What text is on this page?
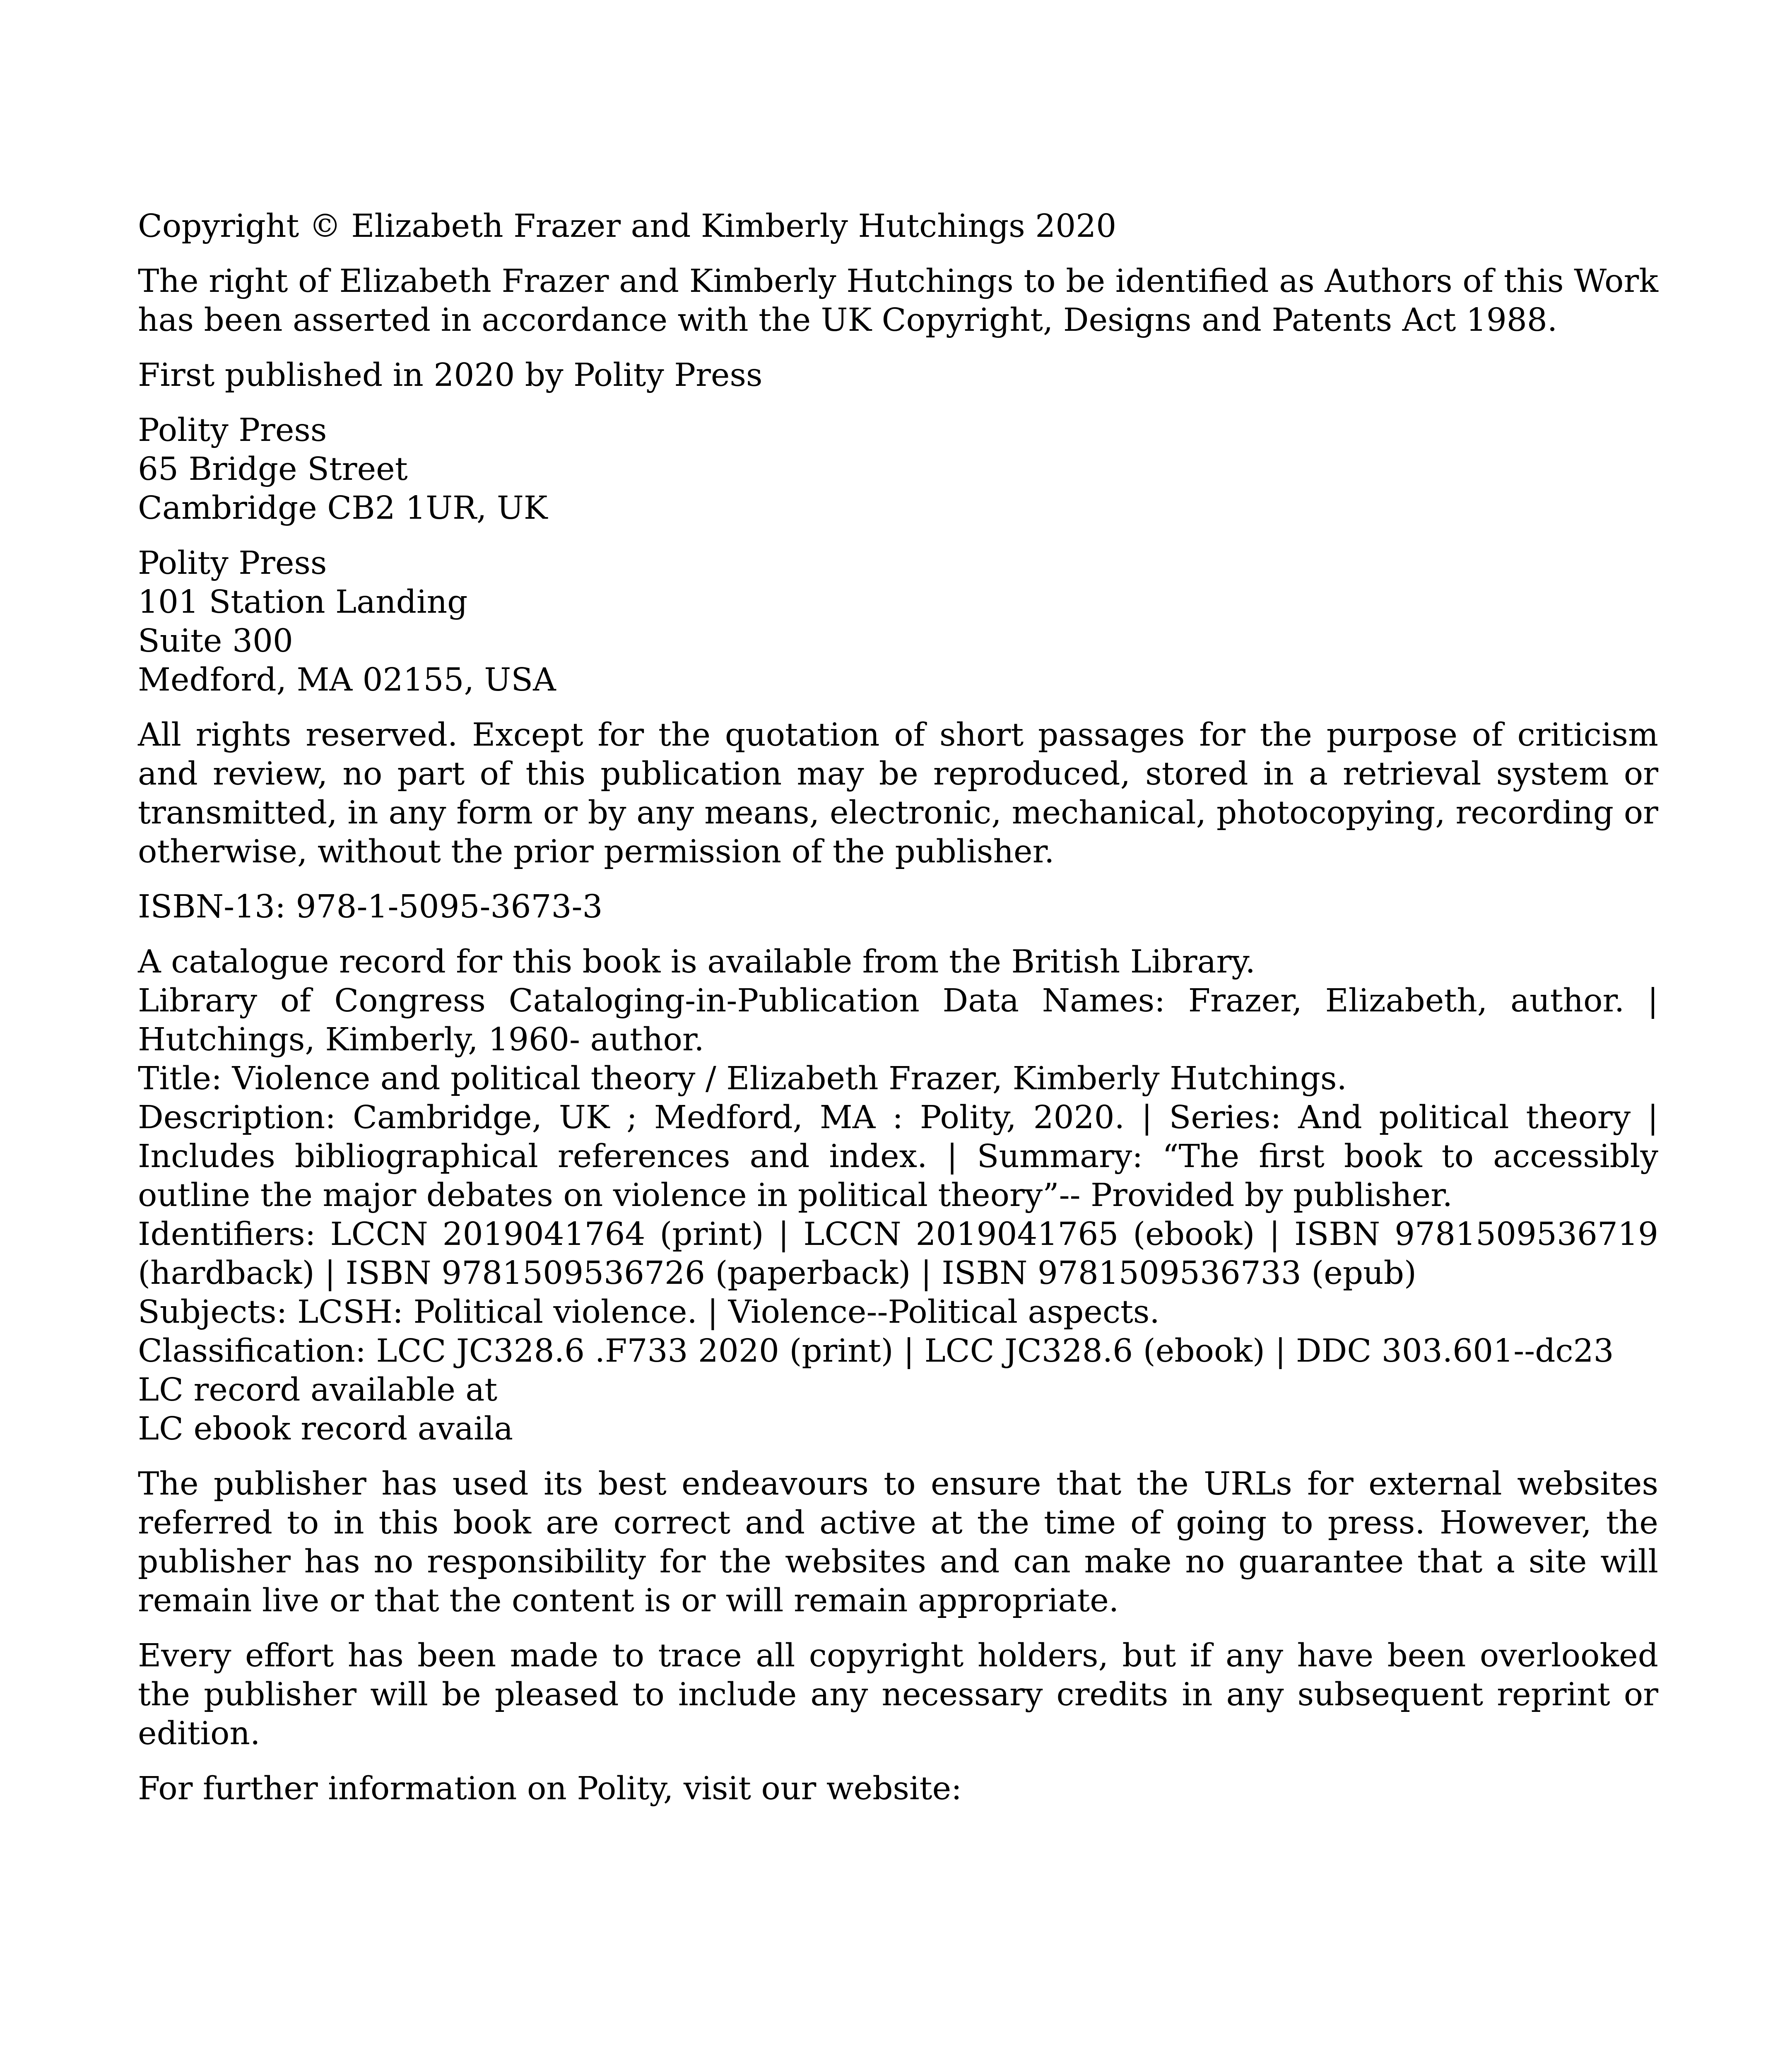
Copyright © Elizabeth Frazer and Kimberly Hutchings 2020

The right of Elizabeth Frazer and Kimberly Hutchings to be identified as Authors of this Work has been asserted in accordance with the UK Copyright, Designs and Patents Act 1988.

First published in 2020 by Polity Press

Polity Press
65 Bridge Street
Cambridge CB2 1UR, UK
Polity Press
101 Station Landing
Suite 300
Medford, MA 02155, USA

All rights reserved. Except for the quotation of short passages for the purpose of criticism and review, no part of this publication may be reproduced, stored in a retrieval system or transmitted, in any form or by any means, electronic, mechanical, photocopying, recording or otherwise, without the prior permission of the publisher.

ISBN-13: 978-1-5095-3673-3

A catalogue record for this book is available from the British Library.
Library of Congress Cataloging-in-Publication Data Names: Frazer, Elizabeth, author. | Hutchings, Kimberly, 1960- author.
Title: Violence and political theory / Elizabeth Frazer, Kimberly Hutchings.
Description: Cambridge, UK ; Medford, MA : Polity, 2020. | Series: And political theory | Includes bibliographical references and index. | Summary: “The first book to accessibly outline the major debates on violence in political theory”-- Provided by publisher.
Identifiers: LCCN 2019041764 (print) | LCCN 2019041765 (ebook) | ISBN 9781509536719 (hardback) | ISBN 9781509536726 (paperback) | ISBN 9781509536733 (epub)
Subjects: LCSH: Political violence. | Violence--Political aspects.
Classification: LCC JC328.6 .F733 2020 (print) | LCC JC328.6 (ebook) | DDC 303.601--dc23
LC record available at
LC ebook record availa

The publisher has used its best endeavours to ensure that the URLs for external websites referred to in this book are correct and active at the time of going to press. However, the publisher has no responsibility for the websites and can make no guarantee that a site will remain live or that the content is or will remain appropriate.

Every effort has been made to trace all copyright holders, but if any have been overlooked the publisher will be pleased to include any necessary credits in any subsequent reprint or edition.

For further information on Polity, visit our website:
